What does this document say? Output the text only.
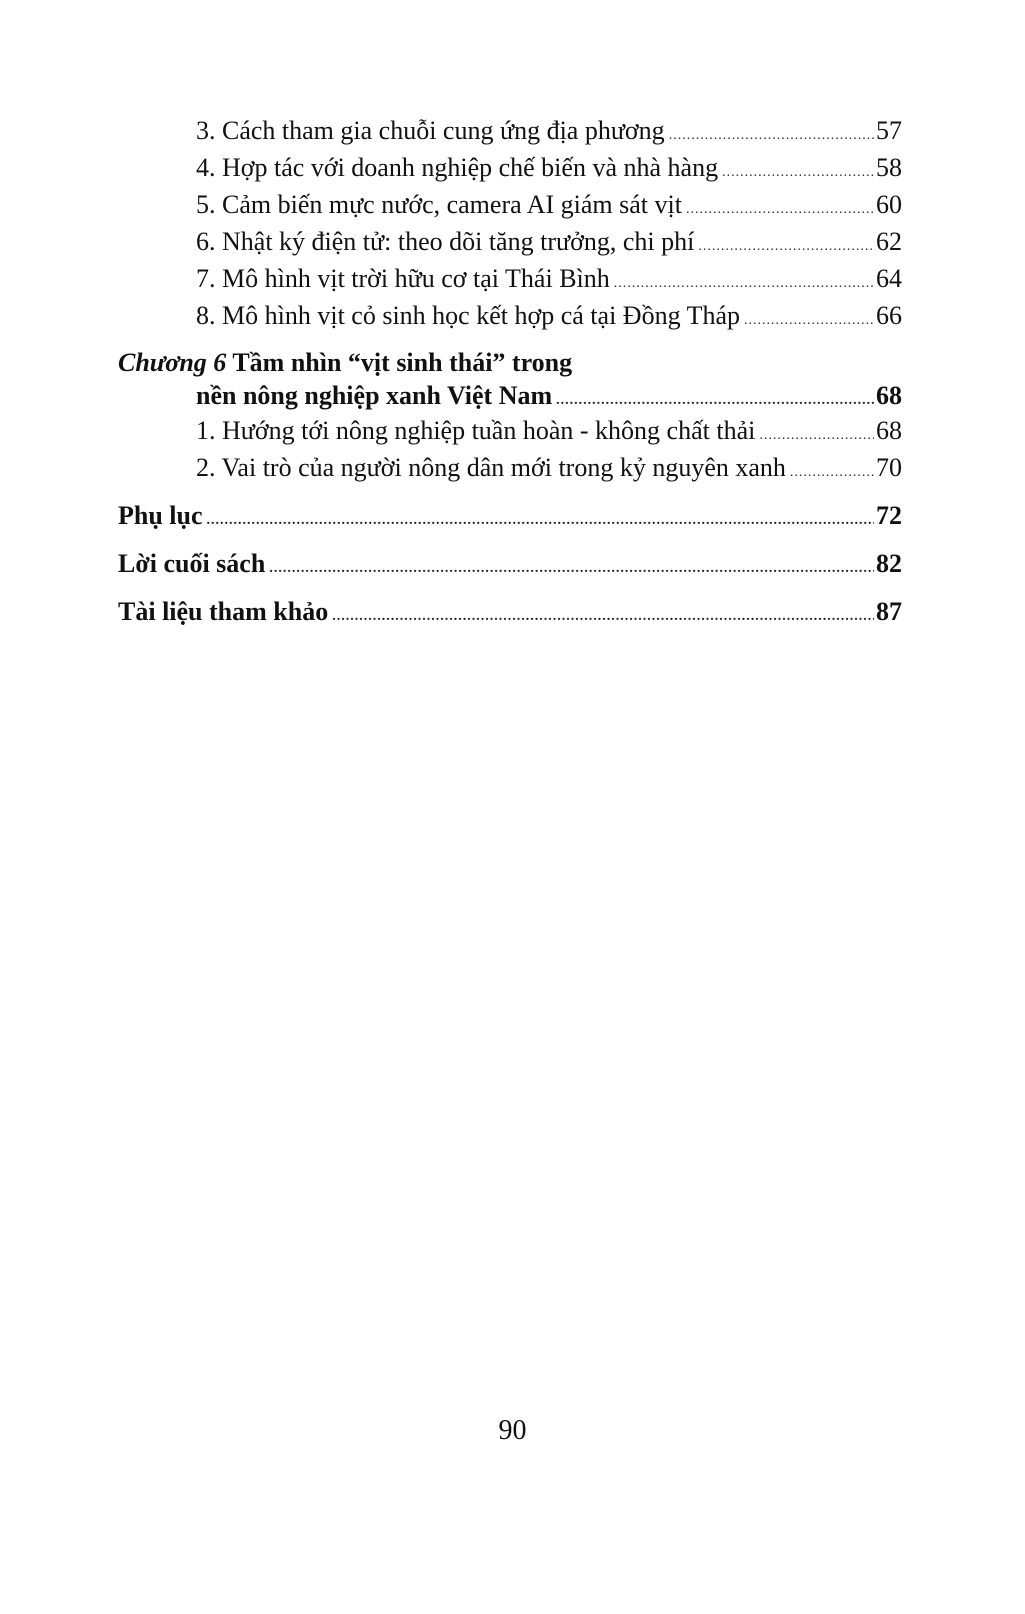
3. Cách tham gia chuỗi cung ứng địa phương .....	57
4. Hợp tác với doanh nghiệp chế biến và nhà hàng .....	58
5. Cảm biến mực nước, camera AI giám sát vịt .....	60
6. Nhật ký điện tử: theo dõi tăng trưởng, chi phí .....	62
7. Mô hình vịt trời hữu cơ tại Thái Bình .....	64
8. Mô hình vịt cỏ sinh học kết hợp cá tại Đồng Tháp .....	66
Chương 6 Tầm nhìn “vịt sinh thái” trong
nền nông nghiệp xanh Việt Nam .....	68
1. Hướng tới nông nghiệp tuần hoàn - không chất thải .....	68
2. Vai trò của người nông dân mới trong kỷ nguyên xanh .....	70
Phụ lục .....	72
Lời cuối sách .....	82
Tài liệu tham khảo .....	87
90
